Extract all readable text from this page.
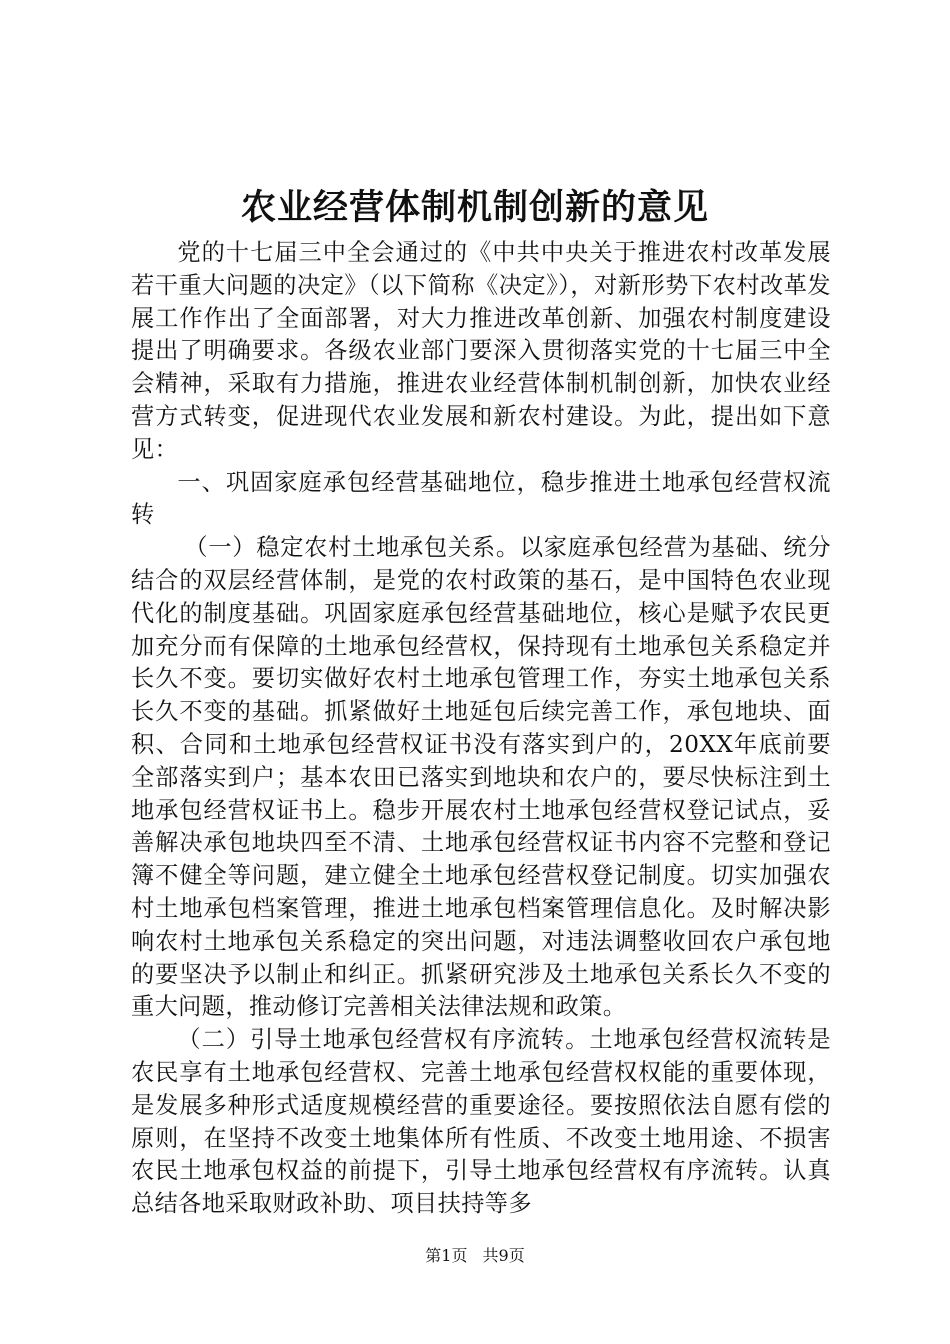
农业经营体制机制创新的意见

党的十七届三中全会通过的《中共中央关于推进农村改革发展若干重大问题的决定》（以下简称《决定》），对新形势下农村改革发展工作作出了全面部署，对大力推进改革创新、加强农村制度建设提出了明确要求。各级农业部门要深入贯彻落实党的十七届三中全会精神，采取有力措施，推进农业经营体制机制创新，加快农业经营方式转变，促进现代农业发展和新农村建设。为此，提出如下意见：

一、巩固家庭承包经营基础地位，稳步推进土地承包经营权流转

（一）稳定农村土地承包关系。以家庭承包经营为基础、统分结合的双层经营体制，是党的农村政策的基石，是中国特色农业现代化的制度基础。巩固家庭承包经营基础地位，核心是赋予农民更加充分而有保障的土地承包经营权，保持现有土地承包关系稳定并长久不变。要切实做好农村土地承包管理工作，夯实土地承包关系长久不变的基础。抓紧做好土地延包后续完善工作，承包地块、面积、合同和土地承包经营权证书没有落实到户的，20XX年底前要全部落实到户；基本农田已落实到地块和农户的，要尽快标注到土地承包经营权证书上。稳步开展农村土地承包经营权登记试点，妥善解决承包地块四至不清、土地承包经营权证书内容不完整和登记簿不健全等问题，建立健全土地承包经营权登记制度。切实加强农村土地承包档案管理，推进土地承包档案管理信息化。及时解决影响农村土地承包关系稳定的突出问题，对违法调整收回农户承包地的要坚决予以制止和纠正。抓紧研究涉及土地承包关系长久不变的重大问题，推动修订完善相关法律法规和政策。

（二）引导土地承包经营权有序流转。土地承包经营权流转是农民享有土地承包经营权、完善土地承包经营权权能的重要体现，是发展多种形式适度规模经营的重要途径。要按照依法自愿有偿的原则，在坚持不改变土地集体所有性质、不改变土地用途、不损害农民土地承包权益的前提下，引导土地承包经营权有序流转。认真总结各地采取财政补助、项目扶持等多

第1页 共9页
